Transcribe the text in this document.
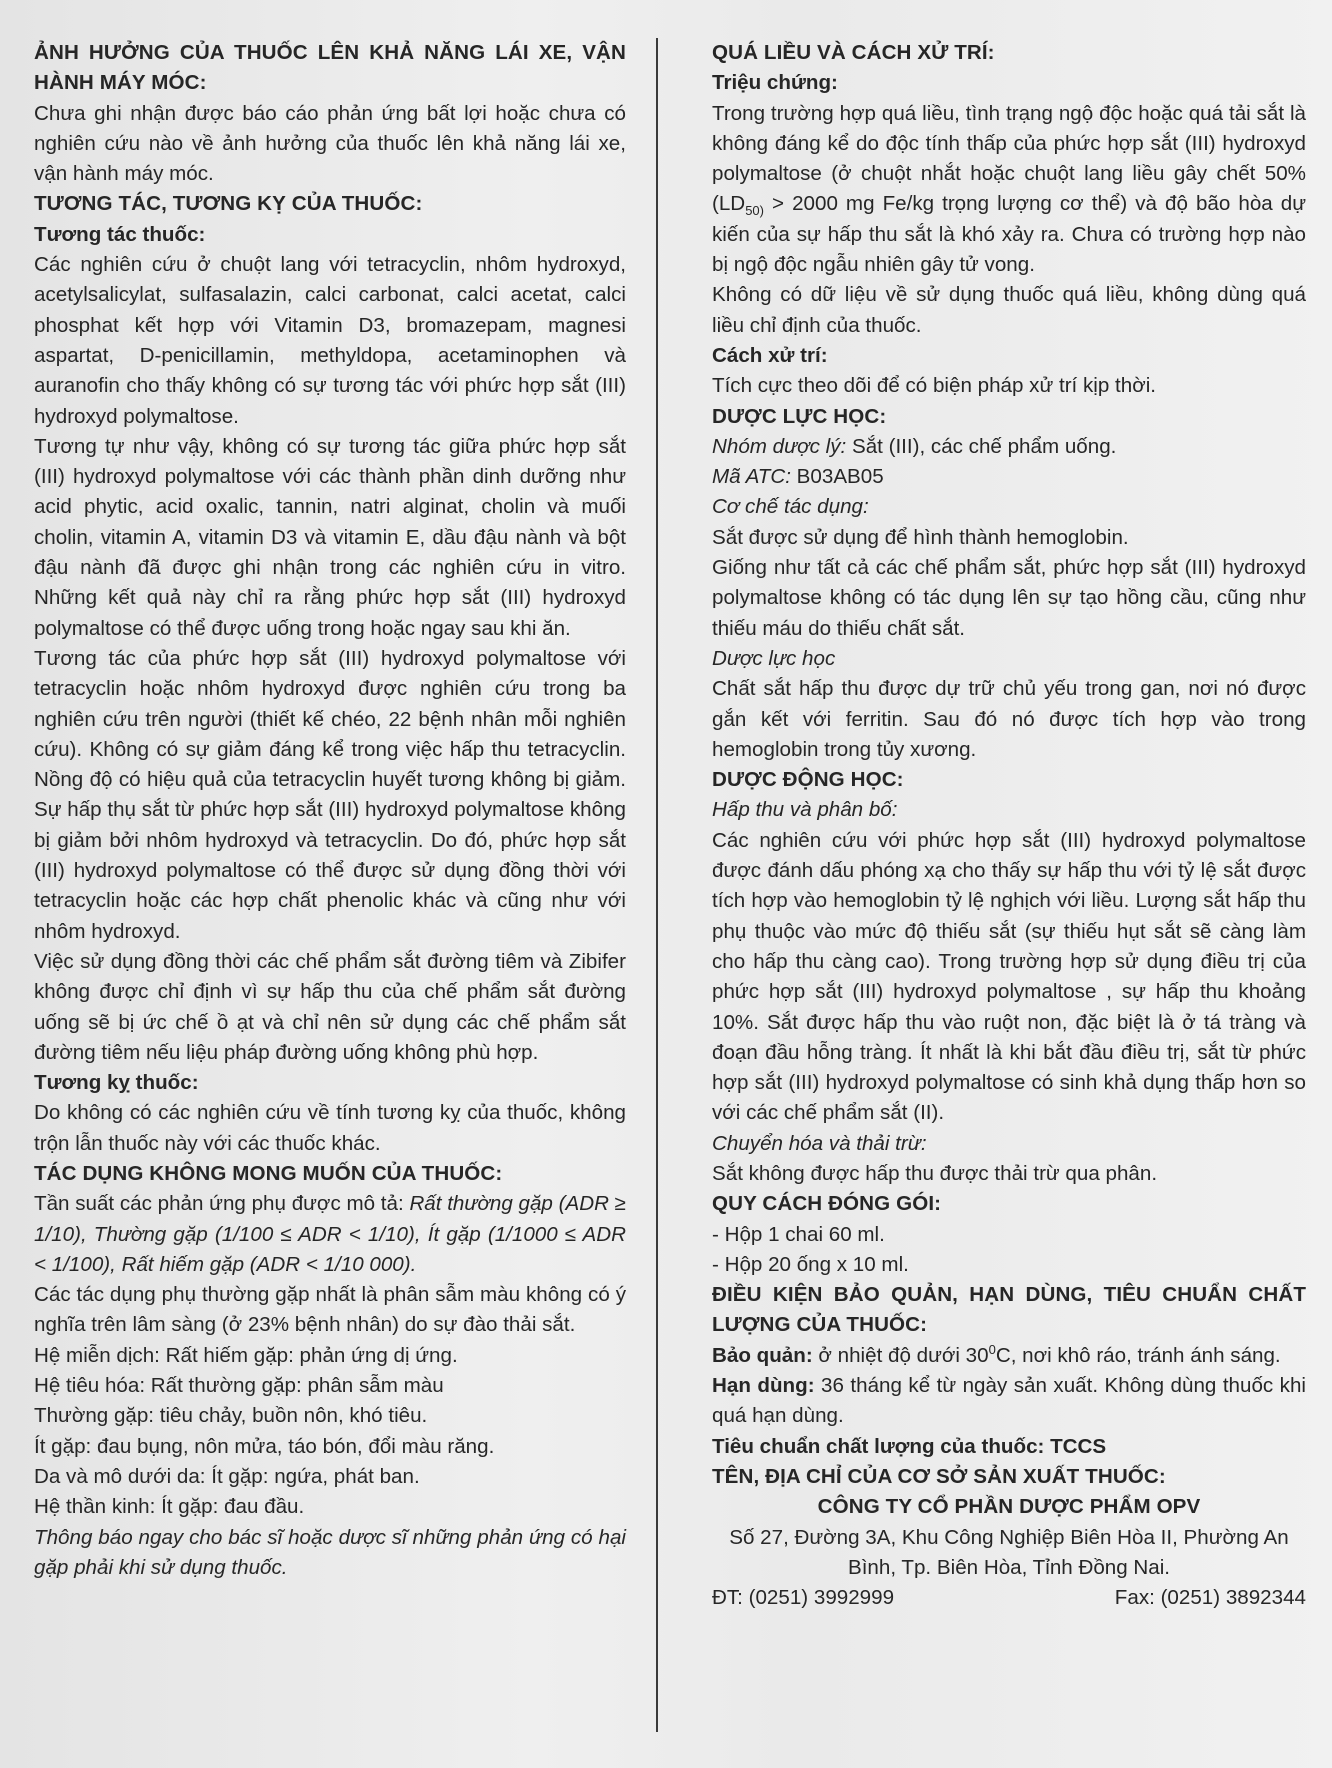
ẢNH HƯỞNG CỦA THUỐC LÊN KHẢ NĂNG LÁI XE, VẬN HÀNH MÁY MÓC:

Chưa ghi nhận được báo cáo phản ứng bất lợi hoặc chưa có nghiên cứu nào về ảnh hưởng của thuốc lên khả năng lái xe, vận hành máy móc.

TƯƠNG TÁC, TƯƠNG KỴ CỦA THUỐC:

Tương tác thuốc:

Các nghiên cứu ở chuột lang với tetracyclin, nhôm hydroxyd, acetylsalicylat, sulfasalazin, calci carbonat, calci acetat, calci phosphat kết hợp với Vitamin D3, bromazepam, magnesi aspartat, D-penicillamin, methyldopa, acetaminophen và auranofin cho thấy không có sự tương tác với phức hợp sắt (III) hydroxyd polymaltose.

Tương tự như vậy, không có sự tương tác giữa phức hợp sắt (III) hydroxyd polymaltose với các thành phần dinh dưỡng như acid phytic, acid oxalic, tannin, natri alginat, cholin và muối cholin, vitamin A, vitamin D3 và vitamin E, dầu đậu nành và bột đậu nành đã được ghi nhận trong các nghiên cứu in vitro. Những kết quả này chỉ ra rằng phức hợp sắt (III) hydroxyd polymaltose có thể được uống trong hoặc ngay sau khi ăn.

Tương tác của phức hợp sắt (III) hydroxyd polymaltose với tetracyclin hoặc nhôm hydroxyd được nghiên cứu trong ba nghiên cứu trên người (thiết kế chéo, 22 bệnh nhân mỗi nghiên cứu). Không có sự giảm đáng kể trong việc hấp thu tetracyclin. Nồng độ có hiệu quả của tetracyclin huyết tương không bị giảm. Sự hấp thụ sắt từ phức hợp sắt (III) hydroxyd polymaltose không bị giảm bởi nhôm hydroxyd và tetracyclin. Do đó, phức hợp sắt (III) hydroxyd polymaltose có thể được sử dụng đồng thời với tetracyclin hoặc các hợp chất phenolic khác và cũng như với nhôm hydroxyd.

Việc sử dụng đồng thời các chế phẩm sắt đường tiêm và Zibifer không được chỉ định vì sự hấp thu của chế phẩm sắt đường uống sẽ bị ức chế ồ ạt và chỉ nên sử dụng các chế phẩm sắt đường tiêm nếu liệu pháp đường uống không phù hợp.

Tương kỵ thuốc:

Do không có các nghiên cứu về tính tương kỵ của thuốc, không trộn lẫn thuốc này với các thuốc khác.

TÁC DỤNG KHÔNG MONG MUỐN CỦA THUỐC:

Tần suất các phản ứng phụ được mô tả: Rất thường gặp (ADR ≥ 1/10), Thường gặp (1/100 ≤ ADR < 1/10), Ít gặp (1/1000 ≤ ADR < 1/100), Rất hiếm gặp (ADR < 1/10 000).

Các tác dụng phụ thường gặp nhất là phân sẫm màu không có ý nghĩa trên lâm sàng (ở 23% bệnh nhân) do sự đào thải sắt.

Hệ miễn dịch: Rất hiếm gặp: phản ứng dị ứng.

Hệ tiêu hóa: Rất thường gặp: phân sẫm màu

Thường gặp: tiêu chảy, buồn nôn, khó tiêu.

Ít gặp: đau bụng, nôn mửa, táo bón, đổi màu răng.

Da và mô dưới da: Ít gặp: ngứa, phát ban.

Hệ thần kinh: Ít gặp: đau đầu.

Thông báo ngay cho bác sĩ hoặc dược sĩ những phản ứng có hại gặp phải khi sử dụng thuốc.

QUÁ LIỀU VÀ CÁCH XỬ TRÍ:

Triệu chứng:

Trong trường hợp quá liều, tình trạng ngộ độc hoặc quá tải sắt là không đáng kể do độc tính thấp của phức hợp sắt (III) hydroxyd polymaltose (ở chuột nhắt hoặc chuột lang liều gây chết 50% ($LD_{50)} > 2000$ mg Fe/kg trọng lượng cơ thể) và độ bão hòa dự kiến của sự hấp thu sắt là khó xảy ra. Chưa có trường hợp nào bị ngộ độc ngẫu nhiên gây tử vong.

Không có dữ liệu về sử dụng thuốc quá liều, không dùng quá liều chỉ định của thuốc.

Cách xử trí:

Tích cực theo dõi để có biện pháp xử trí kịp thời.

DƯỢC LỰC HỌC:

Nhóm dược lý: Sắt (III), các chế phẩm uống.

Mã ATC: B03AB05

Cơ chế tác dụng:

Sắt được sử dụng để hình thành hemoglobin.

Giống như tất cả các chế phẩm sắt, phức hợp sắt (III) hydroxyd polymaltose không có tác dụng lên sự tạo hồng cầu, cũng như thiếu máu do thiếu chất sắt.

Dược lực học

Chất sắt hấp thu được dự trữ chủ yếu trong gan, nơi nó được gắn kết với ferritin. Sau đó nó được tích hợp vào trong hemoglobin trong tủy xương.

DƯỢC ĐỘNG HỌC:

Hấp thu và phân bố:

Các nghiên cứu với phức hợp sắt (III) hydroxyd polymaltose được đánh dấu phóng xạ cho thấy sự hấp thu với tỷ lệ sắt được tích hợp vào hemoglobin tỷ lệ nghịch với liều. Lượng sắt hấp thu phụ thuộc vào mức độ thiếu sắt (sự thiếu hụt sắt sẽ càng làm cho hấp thu càng cao). Trong trường hợp sử dụng điều trị của phức hợp sắt (III) hydroxyd polymaltose , sự hấp thu khoảng 10%. Sắt được hấp thu vào ruột non, đặc biệt là ở tá tràng và đoạn đầu hỗng tràng. Ít nhất là khi bắt đầu điều trị, sắt từ phức hợp sắt (III) hydroxyd polymaltose có sinh khả dụng thấp hơn so với các chế phẩm sắt (II).

Chuyển hóa và thải trừ:

Sắt không được hấp thu được thải trừ qua phân.

QUY CÁCH ĐÓNG GÓI:

- Hộp 1 chai 60 ml.

- Hộp 20 ống x 10 ml.

ĐIỀU KIỆN BẢO QUẢN, HẠN DÙNG, TIÊU CHUẨN CHẤT LƯỢNG CỦA THUỐC:

Bảo quản: ở nhiệt độ dưới $30^0C$, nơi khô ráo, tránh ánh sáng.

Hạn dùng: 36 tháng kể từ ngày sản xuất. Không dùng thuốc khi quá hạn dùng.

Tiêu chuẩn chất lượng của thuốc: TCCS

TÊN, ĐỊA CHỈ CỦA CƠ SỞ SẢN XUẤT THUỐC:

CÔNG TY CỔ PHẦN DƯỢC PHẨM OPV

Số 27, Đường 3A, Khu Công Nghiệp Biên Hòa II, Phường An Bình, Tp. Biên Hòa, Tỉnh Đồng Nai.

ĐT: (0251) 3992999	Fax: (0251) 3892344
